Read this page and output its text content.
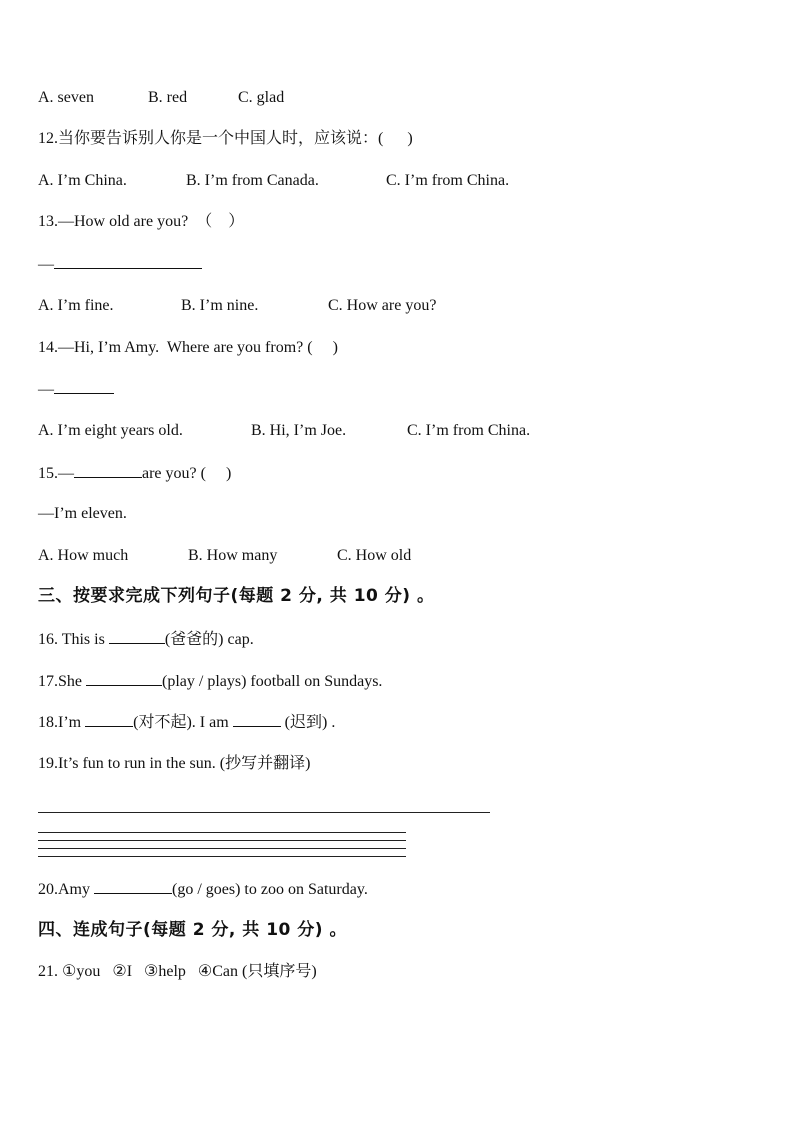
A. seven	B. red	C. glad
12.当你要告诉别人你是一个中国人时，应该说：(      )
A. I’m China.	B. I’m from Canada.	C. I’m from China.
13.—How old are you?  （    ）
—
A. I’m fine.	B. I’m nine.	C. How are you?
14.—Hi, I’m Amy.  Where are you from? (     )
—
A. I’m eight years old.	B. Hi, I’m Joe.	C. I’m from China.
15.—	are you? (     )
—I’m eleven.
A. How much	B. How many	C. How old
三、按要求完成下列句子(每题 2 分, 共 10 分) 。
16. This is	(爸爸的) cap.
17.She	(play / plays) football on Sundays.
18.I’m	(对不起). I am	(迟到) .
19.It’s fun to run in the sun. (抄写并翻译)
20.Amy	(go / goes) to zoo on Saturday.
四、连成句子(每题 2 分, 共 10 分) 。
21. ①you   ②I   ③help   ④Can (只填序号)
